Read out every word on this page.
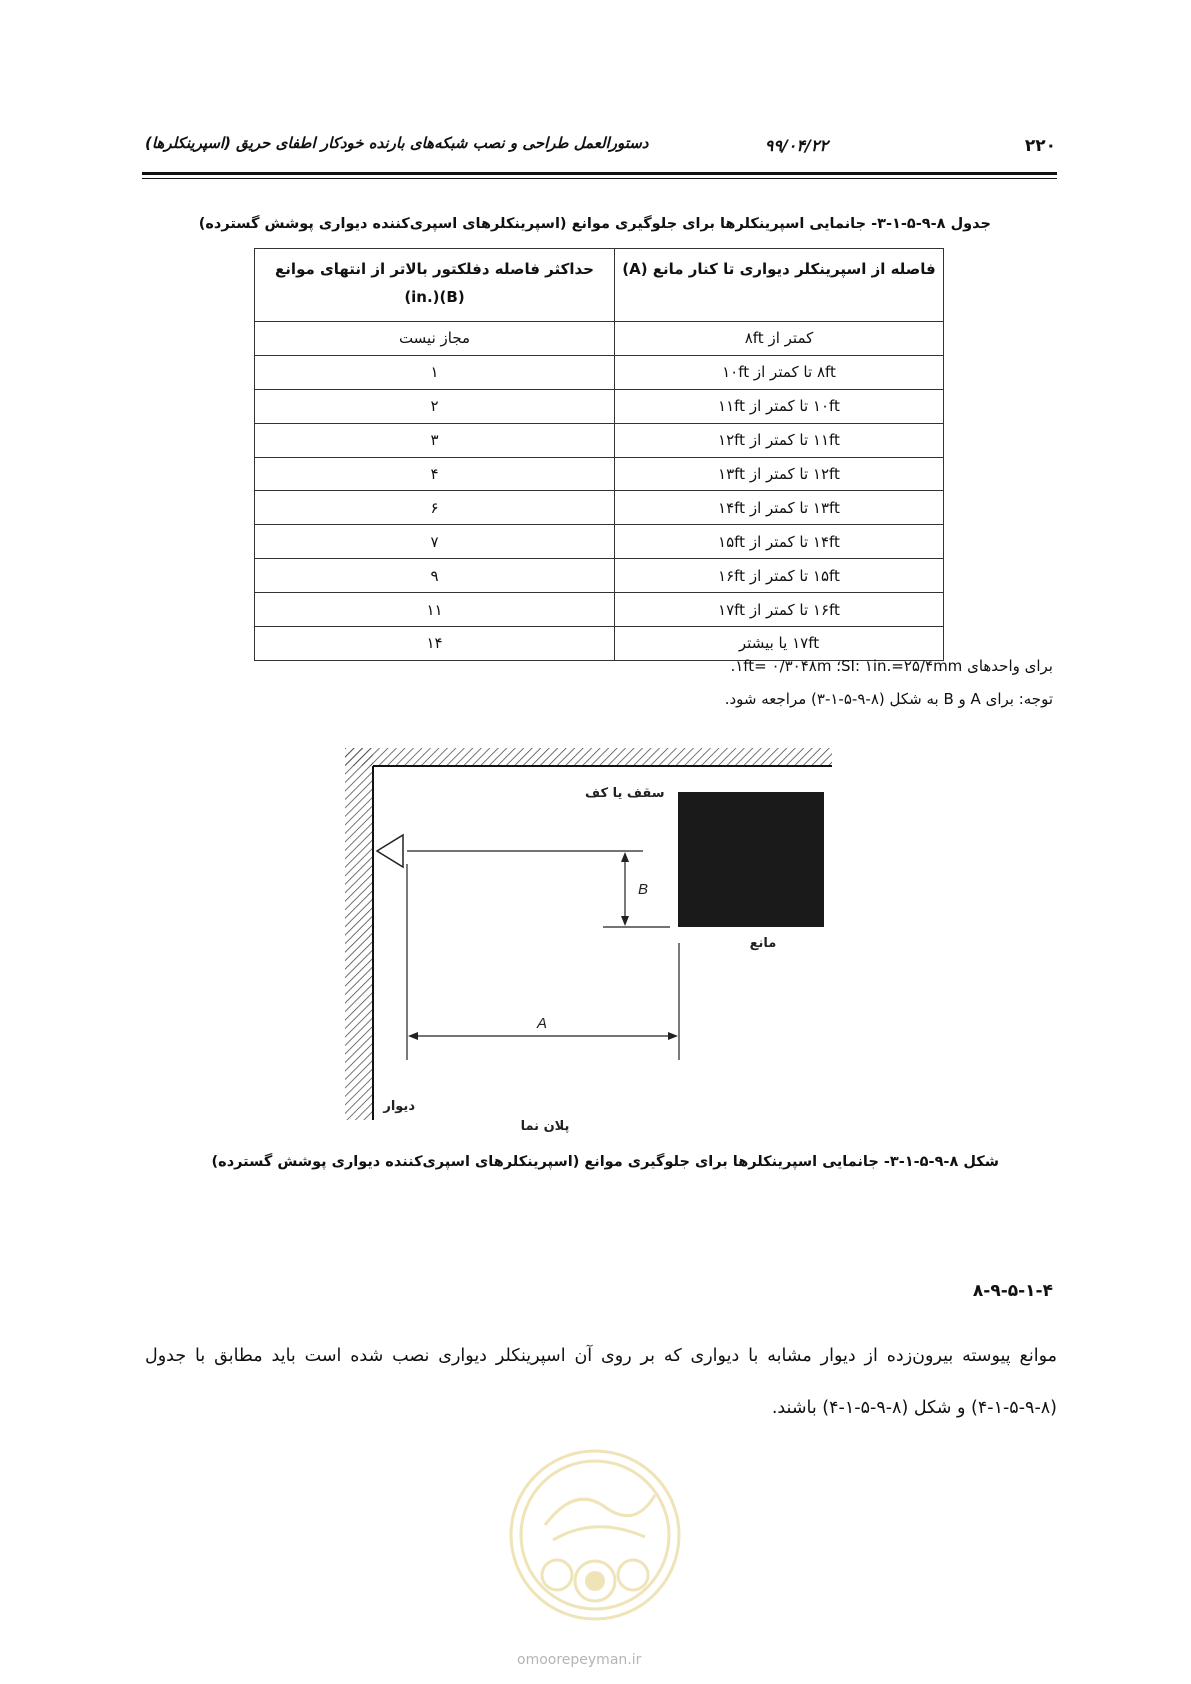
۲۲۰
۹۹/۰۴/۲۲
دستورالعمل طراحی و نصب شبکه‌های بارنده خودکار اطفای حریق (اسپرینکلرها)
جدول ۸-۹-۵-۱-۳- جانمایی اسپرینکلرها برای جلوگیری موانع (اسپرینکلرهای اسپری‌کننده دیواری پوشش گسترده)
فاصله از اسپرینکلر دیواری تا کنار مانع (A)	حداکثر فاصله دفلکتور بالاتر از انتهای موانع
(in.)(B)

کمتر از ۸ft	مجاز نیست
۸ft تا کمتر از ۱۰ft	۱
۱۰ft تا کمتر از ۱۱ft	۲
۱۱ft تا کمتر از ۱۲ft	۳
۱۲ft تا کمتر از ۱۳ft	۴
۱۳ft تا کمتر از ۱۴ft	۶
۱۴ft تا کمتر از ۱۵ft	۷
۱۵ft تا کمتر از ۱۶ft	۹
۱۶ft تا کمتر از ۱۷ft	۱۱
۱۷ft یا بیشتر	۱۴
برای واحدهای SI: ۱in.=۲۵/۴mm؛ ۱ft= ۰/۳۰۴۸m.
توجه: برای A و B به شکل (۸-۹-۵-۱-۳) مراجعه شود.
B
A
سقف یا کف
مانع
دیوار
پلان نما
شکل ۸-۹-۵-۱-۳- جانمایی اسپرینکلرها برای جلوگیری موانع (اسپرینکلرهای اسپری‌کننده دیواری پوشش گسترده)
۸-۹-۵-۱-۴
موانع پیوسته بیرون‌زده از دیوار مشابه با دیواری که بر روی آن اسپرینکلر دیواری نصب شده است باید مطابق با جدول (۸-۹-۵-۱-۴) و شکل (۸-۹-۵-۱-۴) باشند.
omoorepeyman.ir
